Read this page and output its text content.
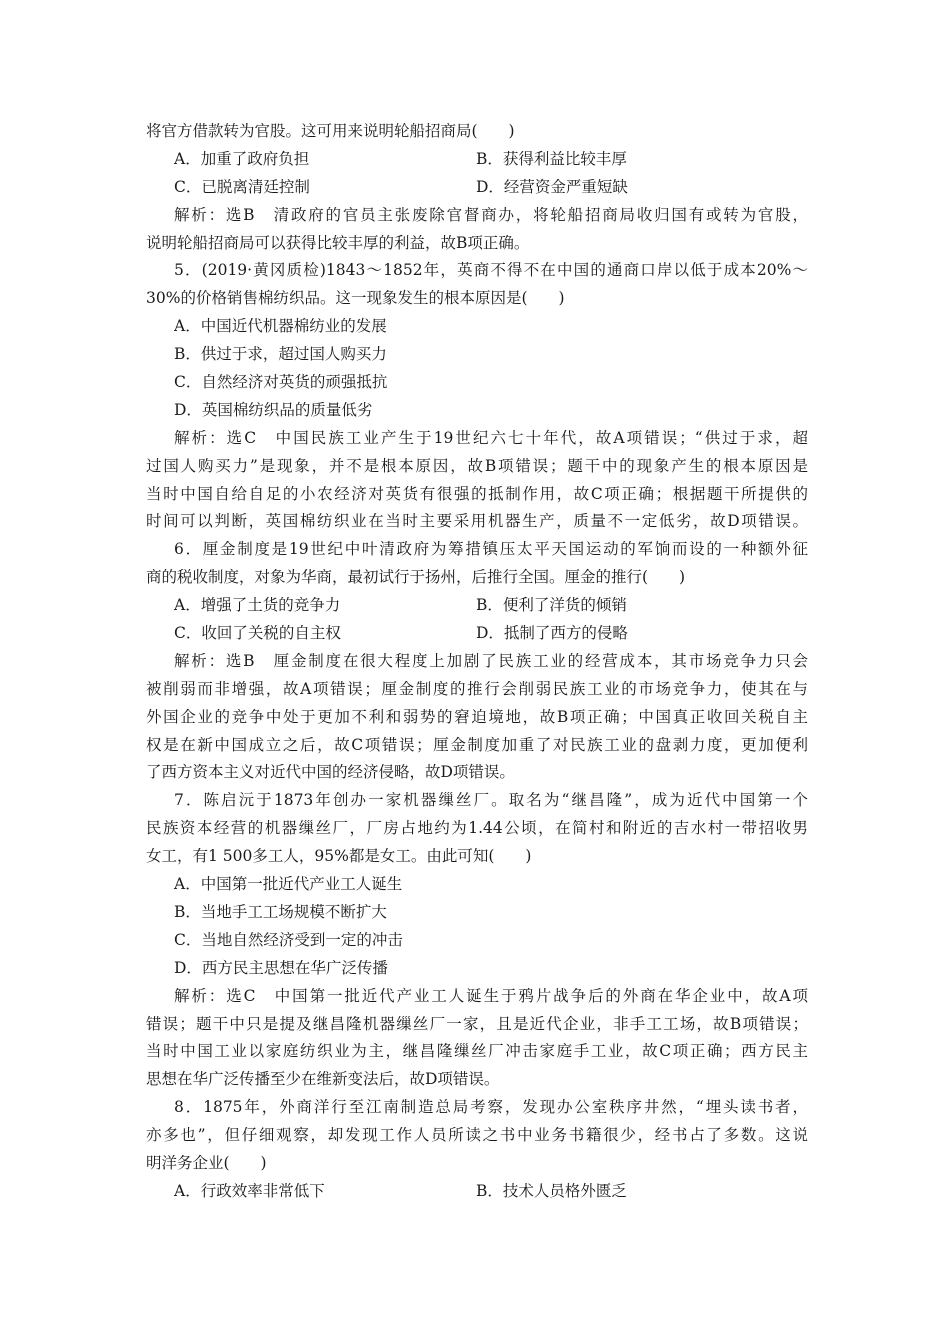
将官方借款转为官股。这可用来说明轮船招商局(　　)
A．加重了政府负担	B．获得利益比较丰厚
C．已脱离清廷控制	D．经营资金严重短缺
解析：选B　清政府的官员主张废除官督商办，将轮船招商局收归国有或转为官股，
说明轮船招商局可以获得比较丰厚的利益，故B项正确。
5．(2019·黄冈质检)1843～1852年，英商不得不在中国的通商口岸以低于成本20%～
30%的价格销售棉纺织品。这一现象发生的根本原因是(　　)
A．中国近代机器棉纺业的发展
B．供过于求，超过国人购买力
C．自然经济对英货的顽强抵抗
D．英国棉纺织品的质量低劣
解析：选C　中国民族工业产生于19世纪六七十年代，故A项错误；“供过于求，超
过国人购买力”是现象，并不是根本原因，故B项错误；题干中的现象产生的根本原因是
当时中国自给自足的小农经济对英货有很强的抵制作用，故C项正确；根据题干所提供的
时间可以判断，英国棉纺织业在当时主要采用机器生产，质量不一定低劣，故D项错误。
6．厘金制度是19世纪中叶清政府为筹措镇压太平天国运动的军饷而设的一种额外征
商的税收制度，对象为华商，最初试行于扬州，后推行全国。厘金的推行(　　)
A．增强了土货的竞争力	B．便利了洋货的倾销
C．收回了关税的自主权	D．抵制了西方的侵略
解析：选B　厘金制度在很大程度上加剧了民族工业的经营成本，其市场竞争力只会
被削弱而非增强，故A项错误；厘金制度的推行会削弱民族工业的市场竞争力，使其在与
外国企业的竞争中处于更加不利和弱势的窘迫境地，故B项正确；中国真正收回关税自主
权是在新中国成立之后，故C项错误；厘金制度加重了对民族工业的盘剥力度，更加便利
了西方资本主义对近代中国的经济侵略，故D项错误。
7．陈启沅于1873年创办一家机器缫丝厂。取名为“继昌隆”，成为近代中国第一个
民族资本经营的机器缫丝厂，厂房占地约为1.44公顷，在简村和附近的吉水村一带招收男
女工，有1 500多工人，95%都是女工。由此可知(　　)
A．中国第一批近代产业工人诞生
B．当地手工工场规模不断扩大
C．当地自然经济受到一定的冲击
D．西方民主思想在华广泛传播
解析：选C　中国第一批近代产业工人诞生于鸦片战争后的外商在华企业中，故A项
错误；题干中只是提及继昌隆机器缫丝厂一家，且是近代企业，非手工工场，故B项错误；
当时中国工业以家庭纺织业为主，继昌隆缫丝厂冲击家庭手工业，故C项正确；西方民主
思想在华广泛传播至少在维新变法后，故D项错误。
8．1875年，外商洋行至江南制造总局考察，发现办公室秩序井然，“埋头读书者，
亦多也”，但仔细观察，却发现工作人员所读之书中业务书籍很少，经书占了多数。这说
明洋务企业(　　)
A．行政效率非常低下	B．技术人员格外匮乏
